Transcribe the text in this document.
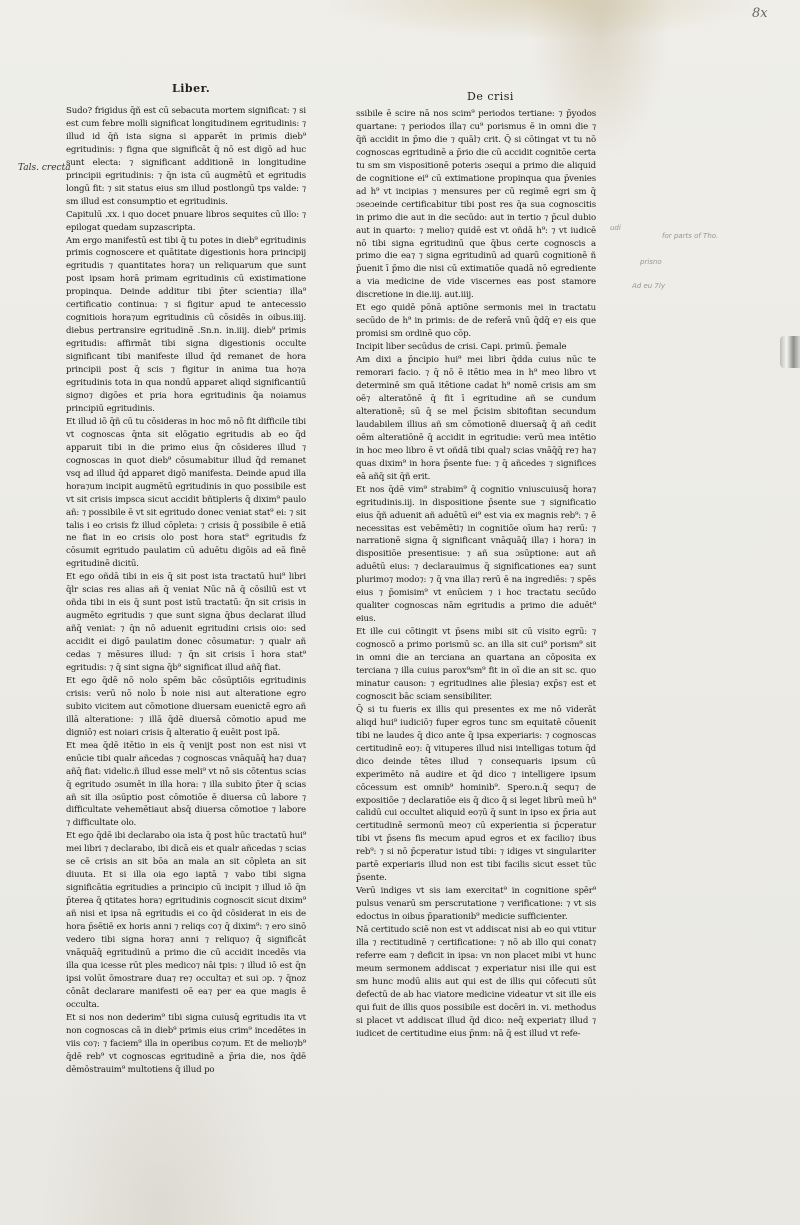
8x
Liber.
De crisi
Tals. crecta
udi
for parts of Tho.
prisno
Ad eu 7ly

Sudo? frigidus q̄ñ est cū sebacuta mortem significat: ⁊ si est cum febre molli significat longitudinem egritudinis: ⁊ illud id q̄ñ ista signa si apparēt in primis dieb⁹ egritudinis: ⁊ figna que significāt q̄ nō est digō ad huc sunt electa: ⁊ significant additionē in longitudine principii egritudinis: ⁊ q̄n ista cū augmētū et egritudis longū fit: ⁊ sit status eius sm illud postlongū tps valde: ⁊ sm illud est consumptio et egritudinis.

Capitulū .xx. i quo docet pnuare libros sequites cū illo: ⁊ epilogat quedam supzascripta.

Am ergo manifestū est tibi q̄ tu potes in dieb⁹ egritudinis primis cognoscere et quātitate digestionis hora principij egritudis ⁊ quantitates hora⁊ un reliquarum que sunt post ipsam horā primam egritudinis cū existimatione propinqua. Deinde additur tibi p̄ter scientia⁊ illa⁹ certificatio continua: ⁊ si figitur apud te antecessio cognitiois hora⁊um egritudinis cū cōsidēs in oibus.iiij. diebus pertransire egritudinē .Sn.n. in.iiij. dieb⁹ primis egritudis: affirmāt tibi signa digestionis occulte significant tibi manifeste illud q̄d remanet de hora principii post q̄ scis ⁊ figitur in anima tua ho⁊a egritudinis tota in qua nondū apparet aliqd significantiū signo⁊ digōes et pria hora egritudinis q̄a noiamus principiū egritudinis.

Et illud iō q̄ñ cū tu cōsideras in hoc mō nō fit difficile tibi vt cognoscas q̄nta sit elōgatio egritudis ab eo q̄d apparuit tibi in die primo eius q̄n cōsideres illud ⁊ cognoscas in quot dieb⁹ cōsumabitur illud q̄d remanet vsq ad illud q̄d apparet digō manifesta. Deinde apud illa hora⁊um incipit augmētū egritudinis in quo possibile est vt sit crisis impsca sicut accidit bñtipleris q̄ dixim⁹ paulo añ: ⁊ possibile ē vt sit egritudo donec veniat stat⁹ ei: ⁊ sit talis i eo crisis fz illud cōpleta: ⁊ crisis q̄ possibile ē etiā ne fiat in eo crisis olo post hora stat⁹ egritudis fz cōsumit egritudo paulatim cū aduētu digōis ad eā finē egritudinē dicitū.

Et ego oñdā tibi in eis q̄ sit post ista tractatū hui⁹ libri q̄lr scias res alias añ q̄ veniat Nūc nā q̄ cōsiliū est vt oñda tibi in eis q̄ sunt post istū tractatū: q̄n sit crisis in augmēto egritudis ⁊ que sunt signa q̄bus declarat illud añq̄ veniat: ⁊ q̄n nō aduenit egritudini crisis oio: sed accidit ei digō paulatim donec cōsumatur: ⁊ qualr añ cedas ⁊ mēsures illud: ⁊ q̄n sit crisis ī hora stat⁹ egritudis: ⁊ q̄ sint signa q̄b⁹ significat illud añq̄ fiat.

Et ego q̄dē nō nolo spēm bāc cōsūptiōis egritudinis crisis: verū nō nolo b̄ noie nisi aut alteratione egro subito vicitem aut cōmotione diuersam euenictē egro añ illā alteratione: ⁊ illā q̄dē diuersā cōmotio apud me digniō⁊ est noiari crisis q̄ alteratio q̄ euēit post ipā.

Et mea q̄dē itētio in eis q̄ venijt post non est nisi vt enūcie tibi qualr añcedas ⁊ cognoscas vnāquāq̄ ha⁊ dua⁊ añq̄ fiat: videlic.ñ illud esse meli⁹ vt nō sis cōtentus scias q̄ egritudo ɔsumēt in illa hora: ⁊ illa subito p̄ter q̄ scias añ sit illa ɔsūptio post cōmotiōe ē diuersa cū labore ⁊ difficultate vehemētiaut absq̄ diuersa cōmotioe ⁊ labore ⁊ difficultate olo.

Et ego q̄dē ibi declarabo oia ista q̄ post hūc tractatū hui⁹ mei libri ⁊ declarabo, ibi dicā eis et qualr añcedas ⁊ scias se cē crisis an sit bōa an mala an sit cōpleta an sit diuuta. Et si illa oia ego iaptā ⁊ vabo tibi signa significātia egritudies a principio cū incipit ⁊ illud iō q̄n p̄terea q̄ qtitates hora⁊ egritudinis cognoscit sicut dixim⁹ añ nisi et ipsa nā egritudis ei co q̄d cōsiderat in eis de hora p̄sētiē ex horis anni ⁊ reliqs co⁊ q̄ dixim⁹: ⁊ ero sinō vedero tibi signa hora⁊ anni ⁊ reliquo⁊ q̄ significāt vnāquāq̄ egritudinū a primo die cū accidit incedēs via illa qua icesse rūt ples medico⁊ nāi tpis: ⁊ illud iō est q̄n ipsi volūt ōmostrare dua⁊ re⁊ occulta⁊ et sui ɔp. ⁊ q̄noz cōnāt declarare manifesti oē ea⁊ per ea que magis ē occulta.

Et si nos non dederim⁹ tibi signa cuiusq̄ egritudis ita vt non cognoscas cā in dieb⁹ primis eius crim⁹ incedētes in viis co⁊: ⁊ faciem⁹ illa in operibus co⁊um. Et de melio⁊b⁹ q̄dē reb⁹ vt cognoscas egritudinē a p̄ria die, nos q̄dē dēmōstrauim⁹ multotiens q̄ illud po

ssibile ē scire nā nos scim⁹ periodos tertiane: ⁊ p̄yodos quartane: ⁊ periodos illa⁊ cu⁹ porismus ē in omni die ⁊ q̄ñ accidit in p̄mo die ⁊ quāl⁊ crit. Q̄ si cōtingat vt tu nō cognoscas egritudinē a p̄rio die cū accidit cognitōe certa tu sm sm vispositionē poteris ɔsequi a primo die aliquid de cognitione ei⁹ cū extimatione propinqua qua p̄venies ad h⁹ vt incipias ⁊ mensures per cū regimē egri sm q̄ ɔseɔeinde certificabitur tibi post res q̄a sua cognoscitis in primo die aut in die secūdo: aut in tertio ⁊ p̄cul dubio aut in quarto: ⁊ melio⁊ quidē est vt oñdā h⁹: ⁊ vt iudicē nō tibi signa egritudinū que q̄bus certe cognoscis a primo die ea⁊ ⁊ signa egritudinū ad quarū cognitionē ñ p̄uenit ī p̄mo die nisi cū extimatiōe quadā nō egrediente a via medicine de vide viscernes eas post stamore discretione in die.iij. aut.iiij.

Et ego quidē pōnā aptiōne sermonis mei in tractatu secūdo de h⁹ in primis: de de referā vnū q̄dq̄ e⁊ eis que promisi sm ordinē quo cōp.

Incipit liber secūdus de crisi. Capi. primū. p̄emale

Am dixi a p̄ncipio hui⁹ mei libri q̄dda cuius nūc te remorari facio. ⁊ q̄ nō ē itētio mea in h⁹ meo libro vt determinē sm quā itētione cadat h⁹ nomē crisis am sm oē⁊ alteratōnē q̄ fit ī egritudine añ se cundum alterationē; sū q̄ se mel p̄cisim sbitofitan secundum laudabilem illius añ sm cōmotionē diuersaq̄ q̄ añ cedit oēm alteratiōnē q̄ accidit in egritudie: verū mea intētio in hoc meo libro ē vt oñdā tibi qual⁊ scias vnāq̄q̄ re⁊ ha⁊ quas dixim⁹ in hora p̄sente fue: ⁊ q̄ añcedes ⁊ significes eā añq̄ sit q̄ñ erit.

Et nos q̄dē vim⁹ strabim⁹ q̄ cognitio vniuscuiusq̄ hora⁊ egritudinis.iij. in dispositione p̄sente sue ⁊ significatio eius q̄ñ aduenit añ aduētū ei⁹ est via ex magnis reb⁹: ⁊ ē necessitas est vebēmēti⁊ in cognitiōe oīum ha⁊ rerū: ⁊ narrationē signa q̄ significant vnāquāq̄ illa⁊ i hora⁊ in dispositiōe presentisue: ⁊ añ sua ɔsūptione: aut añ aduētū eius: ⁊ declarauimus q̄ significationes ea⁊ sunt plurimo⁊ modo⁊: ⁊ q̄ vna illa⁊ rerū ē na ingrediēs: ⁊ spēs eius ⁊ p̄omisim⁹ vt enūciem ⁊ i hoc tractatu secūdo qualiter cognoscas nām egritudis a primo die aduēt⁹ eius.

Et ille cui cōtingit vt p̄sens mibi sit cū visito egrū: ⁊ cognoscō a primo porismū sc. an illa sit cui⁹ porism⁹ sit in omni die an terciana an quartana an cōposita ex terciana ⁊ illa cuius parox⁹sm⁹ fit in oī die an sit sc. quo minatur causon: ⁊ egritudines alie p̄lesia⁊ exp̄s⁊ est et cognoscit bāc sciam sensibiliter.

Q̄ si tu fueris ex illis qui presentes ex me nō viderāt aliqd hui⁹ iudiciō⁊ fuper egros tunc sm equitatē cōuenit tibi ne laudes q̄ dico ante q̄ ipsa experiaris: ⁊ cognoscas certitudinē eo⁊: q̄ vituperes illud nisi intelligas totum q̄d dico deinde tētes illud ⁊ consequaris ipsum cū experimēto nā audire et q̄d dico ⁊ intelligere ipsum cōcessum est omnib⁹ hominib⁹. Spero.n.q̄ sequ⁊ de expositiōe ⁊ declaratiōe eis q̄ dico q̄ si leget librū meū h⁹ calidū cui occultet aliquid eo⁊ū q̄ sunt in ipso ex p̄ria aut certitudinē sermonū meo⁊ cū experientia si p̄cperatur tibi vt p̄sens fis mecum apud egros et ex facilio⁊ ibus reb⁹: ⁊ si nō p̄cperatur istud tibi: ⁊ idiges vt singulariter partē experiaris illud non est tibi facilis sicut esset tūc p̄sente.

Verū indiges vt sis iam exercitat⁹ in cognitione spēr⁹ pulsus venarū sm perscrutatione ⁊ verificatione: ⁊ vt sis edoctus in oibus p̄parationib⁹ medicie sufficienter.

Nā certitudo sciē non est vt addiscat nisi ab eo qui vtitur illa ⁊ rectitudinē ⁊ certificatione: ⁊ nō ab illo qui conat⁊ referre eam ⁊ deficit in ipsa: vn non placet mibi vt hunc meum sermonem addiscat ⁊ experiatur nisi ille qui est sm hunc modū aliis aut qui est de illis qui cōfecuti sūt defectū de ab hac viatore medicine videatur vt sit ille eis qui fuit de illis quos possibile est docēri in. vi. methodus si placet vt addiscat illud q̄d dico: neq̄ experiat⁊ illud ⁊ iudicet de certitudine eius p̄nm: nā q̄ est illud vt refe-
